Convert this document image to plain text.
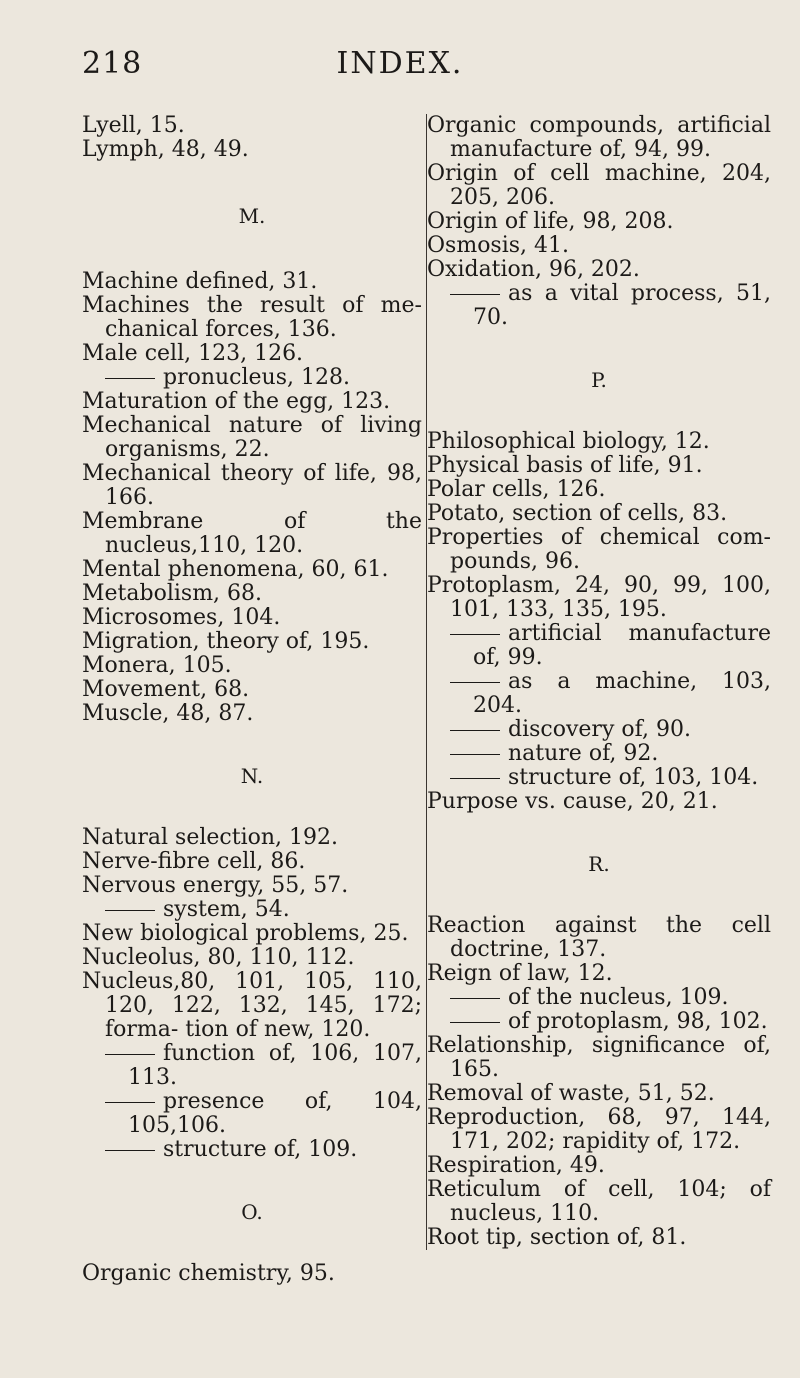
218	INDEX.

Lyell, 15.

Lymph, 48, 49.

M.

Machine defined, 31.

Machines the result of me- chanical forces, 136.

Male cell, 123, 126.

pronucleus, 128.

Maturation of the egg, 123.

Mechanical nature of living organisms, 22.

Mechanical theory of life, 98, 166.

Membrane of the nucleus,110, 120.

Mental phenomena, 60, 61.

Metabolism, 68.

Microsomes, 104.

Migration, theory of, 195.

Monera, 105.

Movement, 68.

Muscle, 48, 87.

N.

Natural selection, 192.

Nerve-fibre cell, 86.

Nervous energy, 55, 57.

system, 54.

New biological problems, 25.

Nucleolus, 80, 110, 112.

Nucleus,80, 101, 105, 110, 120, 122, 132, 145, 172; forma- tion of new, 120.

function of, 106, 107, 113.

presence of, 104, 105,106.

structure of, 109.

O.

Organic chemistry, 95.

Organic compounds, artificial manufacture of, 94, 99.

Origin of cell machine, 204, 205, 206.

Origin of life, 98, 208.

Osmosis, 41.

Oxidation, 96, 202.

as a vital process, 51, 70.

P.

Philosophical biology, 12.

Physical basis of life, 91.

Polar cells, 126.

Potato, section of cells, 83.

Properties of chemical com- pounds, 96.

Protoplasm, 24, 90, 99, 100, 101, 133, 135, 195.

artificial manufacture of, 99.

as a machine, 103, 204.

discovery of, 90.

nature of, 92.

structure of, 103, 104.

Purpose vs. cause, 20, 21.

R.

Reaction against the cell doctrine, 137.

Reign of law, 12.

of the nucleus, 109.

of protoplasm, 98, 102.

Relationship, significance of, 165.

Removal of waste, 51, 52.

Reproduction, 68, 97, 144, 171, 202; rapidity of, 172.

Respiration, 49.

Reticulum of cell, 104; of nucleus, 110.

Root tip, section of, 81.
